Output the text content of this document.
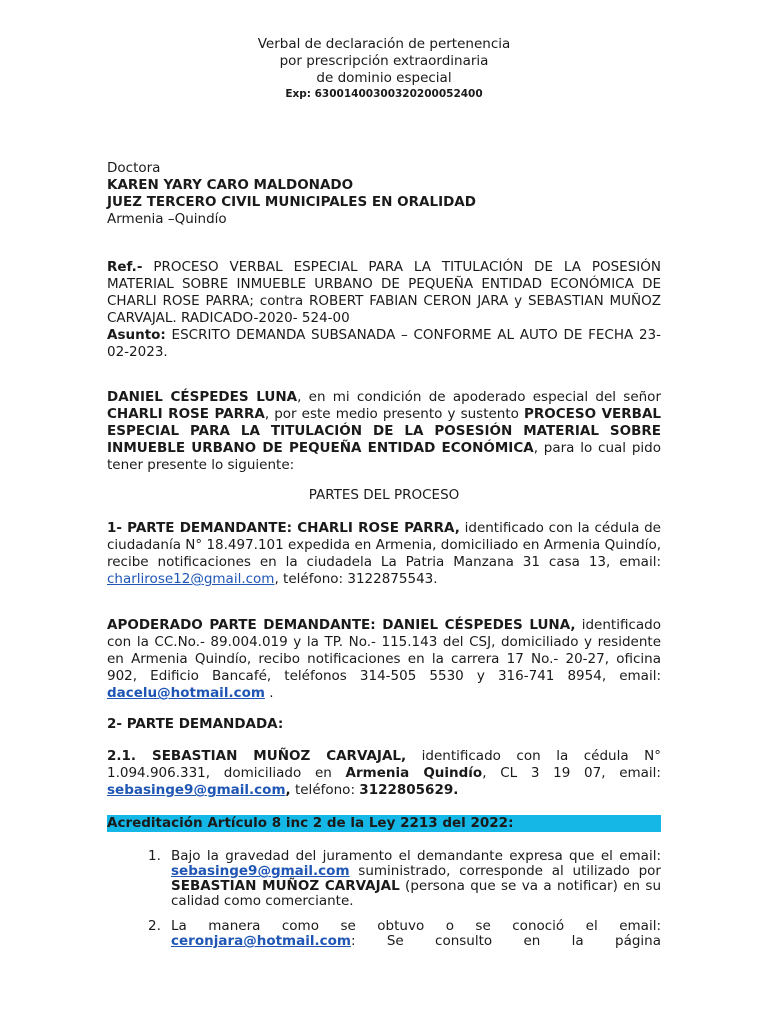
Verbal de declaración de pertenencia

por prescripción extraordinaria

de dominio especial

Exp: 63001400300320200052400

Doctora

KAREN YARY CARO MALDONADO

JUEZ TERCERO CIVIL MUNICIPALES EN ORALIDAD

Armenia –Quindío

Ref.- PROCESO VERBAL ESPECIAL PARA LA TITULACIÓN DE LA POSESIÓN MATERIAL SOBRE INMUEBLE URBANO DE PEQUEÑA ENTIDAD ECONÓMICA DE CHARLI ROSE PARRA; contra ROBERT FABIAN CERON JARA y SEBASTIAN MUÑOZ CARVAJAL. RADICADO-2020- 524-00

Asunto: ESCRITO DEMANDA SUBSANADA – CONFORME AL AUTO DE FECHA 23-02-2023.

DANIEL CÉSPEDES LUNA, en mi condición de apoderado especial del señor CHARLI ROSE PARRA, por este medio presento y sustento PROCESO VERBAL ESPECIAL PARA LA TITULACIÓN DE LA POSESIÓN MATERIAL SOBRE INMUEBLE URBANO DE PEQUEÑA ENTIDAD ECONÓMICA, para lo cual pido tener presente lo siguiente:

PARTES DEL PROCESO

1- PARTE DEMANDANTE: CHARLI ROSE PARRA, identificado con la cédula de ciudadanía N° 18.497.101 expedida en Armenia, domiciliado en Armenia Quindío, recibe notificaciones en la ciudadela La Patria Manzana 31 casa 13, email: charlirose12@gmail.com, teléfono: 3122875543.

APODERADO PARTE DEMANDANTE: DANIEL CÉSPEDES LUNA, identificado con la CC.No.- 89.004.019 y la TP. No.- 115.143 del CSJ, domiciliado y residente en Armenia Quindío, recibo notificaciones en la carrera 17 No.- 20-27, oficina 902, Edificio Bancafé, teléfonos 314-505 5530 y 316-741 8954, email: dacelu@hotmail.com .

2- PARTE DEMANDADA:

2.1. SEBASTIAN MUÑOZ CARVAJAL, identificado con la cédula N° 1.094.906.331, domiciliado en Armenia Quindío, CL 3 19 07, email: sebasinge9@gmail.com, teléfono: 3122805629.

Acreditación Artículo 8 inc 2 de la Ley 2213 del 2022:
1. Bajo la gravedad del juramento el demandante expresa que el email: sebasinge9@gmail.com suministrado, corresponde al utilizado por SEBASTIAN MUÑOZ CARVAJAL (persona que se va a notificar) en su calidad como comerciante.

2. La manera como se obtuvo o se conoció el email: ceronjara@hotmail.com: Se consulto en la página
